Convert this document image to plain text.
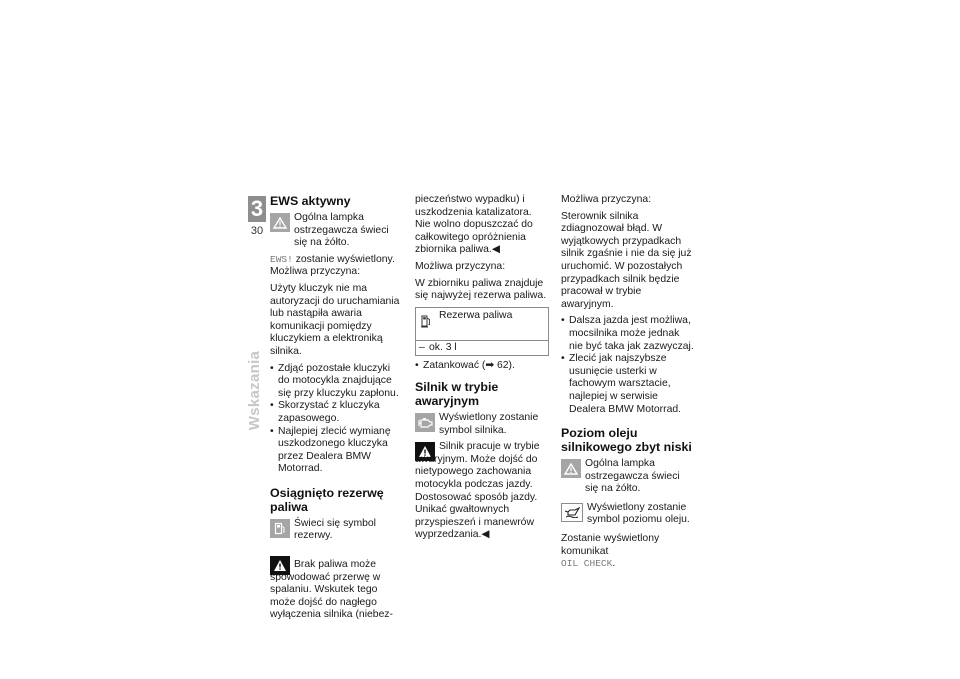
3
30
Wskazania
EWS aktywny
Ogólna lampka ostrzegawcza świeci się na żółto.

EWS! zostanie wyświetlony.

Możliwa przyczyna:

Użyty kluczyk nie ma autoryzacji do uruchamiania lub nastąpiła awaria komunikacji pomiędzy kluczykiem a elektroniką silnika.

• Zdjąć pozostałe kluczyki do motocykla znajdujące się przy kluczyku zapłonu.
• Skorzystać z kluczyka zapasowego.
• Najlepiej zlecić wymianę uszkodzonego kluczyka przez Dealera BMW Motorrad.
Osiągnięto rezerwę paliwa
Świeci się symbol rezerwy.

Brak paliwa może spowodować przerwę w spalaniu. Wskutek tego może dojść do nagłego wyłączenia silnika (niebez-

pieczeństwo wypadku) i uszkodzenia katalizatora.

Nie wolno dopuszczać do całkowitego opróżnienia zbiornika paliwa.◀

Możliwa przyczyna:

W zbiorniku paliwa znajduje się najwyżej rezerwa paliwa.

Rezerwa paliwa
– ok. 3 l
• Zatankować (➡ 62).
Silnik w trybie awaryjnym
Wyświetlony zostanie symbol silnika.

Silnik pracuje w trybie awaryjnym. Może dojść do nietypowego zachowania motocykla podczas jazdy.

Dostosować sposób jazdy. Unikać gwałtownych przyspieszeń i manewrów wyprzedzania.◀

Możliwa przyczyna:

Sterownik silnika zdiagnozował błąd. W wyjątkowych przypadkach silnik zgaśnie i nie da się już uruchomić. W pozostałych przypadkach silnik będzie pracował w trybie awaryjnym.

• Dalsza jazda jest możliwa, mocsilnika może jednak nie być taka jak zazwyczaj.
• Zlecić jak najszybsze usunięcie usterki w fachowym warsztacie, najlepiej w serwisie Dealera BMW Motorrad.
Poziom oleju silnikowego zbyt niski
Ogólna lampka ostrzegawcza świeci się na żółto.
Wyświetlony zostanie symbol poziomu oleju.

Zostanie wyświetlony komunikat
OIL CHECK.
